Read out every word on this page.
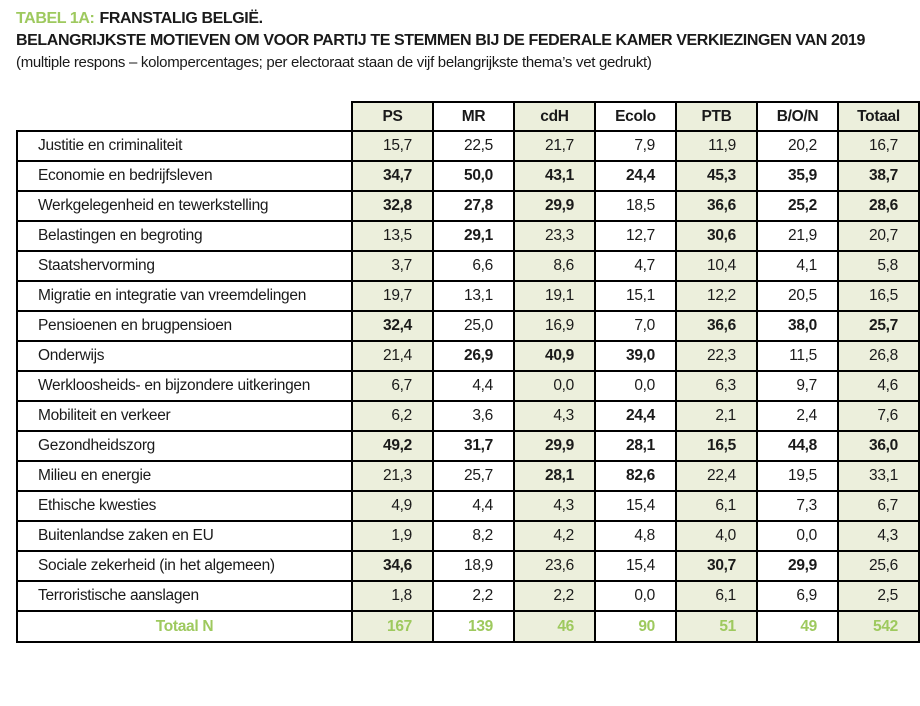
TABEL 1A: FRANSTALIG BELGIË.
BELANGRIJKSTE MOTIEVEN OM VOOR PARTIJ TE STEMMEN BIJ DE FEDERALE KAMER VERKIEZINGEN VAN 2019
(multiple respons – kolompercentages; per electoraat staan de vijf belangrijkste thema’s vet gedrukt)
	PS	MR	cdH	Ecolo	PTB	B/O/N	Totaal
Justitie en criminaliteit	15,7	22,5	21,7	7,9	11,9	20,2	16,7
Economie en bedrijfsleven	34,7	50,0	43,1	24,4	45,3	35,9	38,7
Werkgelegenheid en tewerkstelling	32,8	27,8	29,9	18,5	36,6	25,2	28,6
Belastingen en begroting	13,5	29,1	23,3	12,7	30,6	21,9	20,7
Staatshervorming	3,7	6,6	8,6	4,7	10,4	4,1	5,8
Migratie en integratie van vreemdelingen	19,7	13,1	19,1	15,1	12,2	20,5	16,5
Pensioenen en brugpensioen	32,4	25,0	16,9	7,0	36,6	38,0	25,7
Onderwijs	21,4	26,9	40,9	39,0	22,3	11,5	26,8
Werkloosheids- en bijzondere uitkeringen	6,7	4,4	0,0	0,0	6,3	9,7	4,6
Mobiliteit en verkeer	6,2	3,6	4,3	24,4	2,1	2,4	7,6
Gezondheidszorg	49,2	31,7	29,9	28,1	16,5	44,8	36,0
Milieu en energie	21,3	25,7	28,1	82,6	22,4	19,5	33,1
Ethische kwesties	4,9	4,4	4,3	15,4	6,1	7,3	6,7
Buitenlandse zaken en EU	1,9	8,2	4,2	4,8	4,0	0,0	4,3
Sociale zekerheid (in het algemeen)	34,6	18,9	23,6	15,4	30,7	29,9	25,6
Terroristische aanslagen	1,8	2,2	2,2	0,0	6,1	6,9	2,5
Totaal N	167	139	46	90	51	49	542
